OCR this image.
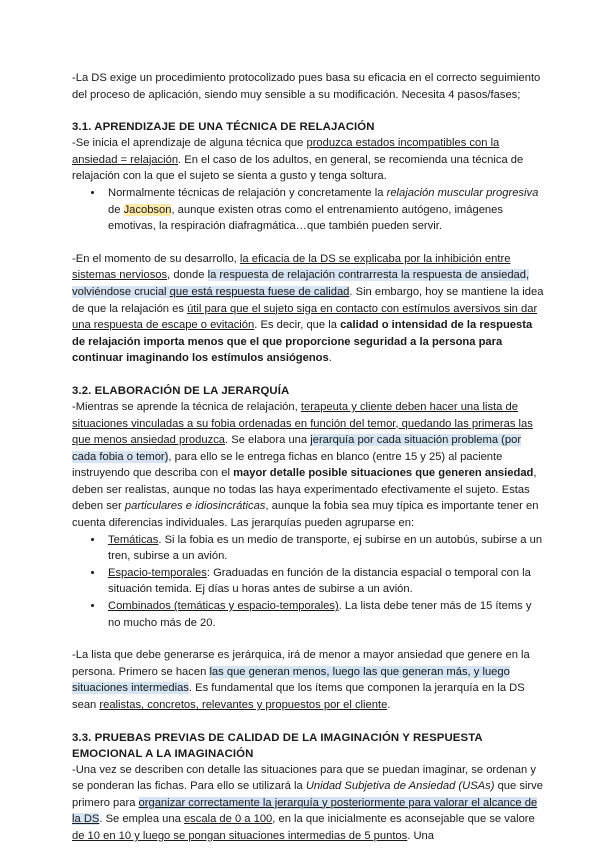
-La DS exige un procedimiento protocolizado pues basa su eficacia en el correcto seguimiento del proceso de aplicación, siendo muy sensible a su modificación. Necesita 4 pasos/fases;

3.1. APRENDIZAJE DE UNA TÉCNICA DE RELAJACIÓN

-Se inicia el aprendizaje de alguna técnica que produzca estados incompatibles con la ansiedad = relajación. En el caso de los adultos, en general, se recomienda una técnica de relajación con la que el sujeto se sienta a gusto y tenga soltura.

• Normalmente técnicas de relajación y concretamente la relajación muscular progresiva de Jacobson, aunque existen otras como el entrenamiento autógeno, imágenes emotivas, la respiración diafragmática…que también pueden servir.

-En el momento de su desarrollo, la eficacia de la DS se explicaba por la inhibición entre sistemas nerviosos, donde la respuesta de relajación contrarresta la respuesta de ansiedad, volviéndose crucial que está respuesta fuese de calidad. Sin embargo, hoy se mantiene la idea de que la relajación es útil para que el sujeto siga en contacto con estímulos aversivos sin dar una respuesta de escape o evitación. Es decir, que la calidad o intensidad de la respuesta de relajación importa menos que el que proporcione seguridad a la persona para continuar imaginando los estímulos ansiógenos.

3.2. ELABORACIÓN DE LA JERARQUÍA

-Mientras se aprende la técnica de relajación, terapeuta y cliente deben hacer una lista de situaciones vinculadas a su fobia ordenadas en función del temor, quedando las primeras las que menos ansiedad produzca. Se elabora una jerarquía por cada situación problema (por cada fobia o temor), para ello se le entrega fichas en blanco (entre 15 y 25) al paciente instruyendo que describa con el mayor detalle posible situaciones que generen ansiedad, deben ser realistas, aunque no todas las haya experimentado efectivamente el sujeto. Estas deben ser particulares e idiosincráticas, aunque la fobia sea muy típica es importante tener en cuenta diferencias individuales. Las jerarquías pueden agruparse en:

• Temáticas. Si la fobia es un medio de transporte, ej subirse en un autobús, subirse a un tren, subirse a un avión.
• Espacio-temporales: Graduadas en función de la distancia espacial o temporal con la situación temida. Ej días u horas antes de subirse a un avión.
• Combinados (temáticas y espacio-temporales). La lista debe tener más de 15 ítems y no mucho más de 20.

-La lista que debe generarse es jerárquica, irá de menor a mayor ansiedad que genere en la persona. Primero se hacen las que generan menos, luego las que generan más, y luego situaciones intermedias. Es fundamental que los ítems que componen la jerarquía en la DS sean realistas, concretos, relevantes y propuestos por el cliente.

3.3. PRUEBAS PREVIAS DE CALIDAD DE LA IMAGINACIÓN Y RESPUESTA EMOCIONAL A LA IMAGINACIÓN

-Una vez se describen con detalle las situaciones para que se puedan imaginar, se ordenan y se ponderan las fichas. Para ello se utilizará la Unidad Subjetiva de Ansiedad (USAs) que sirve primero para organizar correctamente la jerarquía y posteriormente para valorar el alcance de la DS. Se emplea una escala de 0 a 100, en la que inicialmente es aconsejable que se valore de 10 en 10 y luego se pongan situaciones intermedias de 5 puntos. Una
